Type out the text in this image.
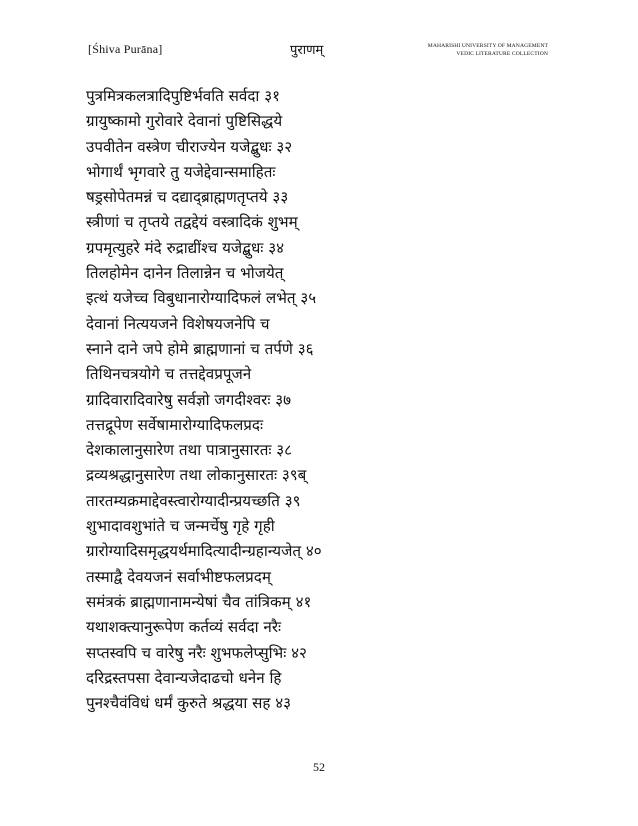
[Śhiva Purāna]	पुराणम्	MAHARISHI UNIVERSITY OF MANAGEMENT
VEDIC LITERATURE COLLECTION
पुत्रमित्रकलत्रादिपुष्टिर्भवति सर्वदा ३१
ग्रायुष्कामो गुरोवारे देवानां पुष्टिसिद्धये
उपवीतेन वस्त्रेण चीराज्येन यजेद्बुधः ३२
भोगार्थं भृगवारे तु यजेद्देवान्समाहितः
षड्रसोपेतमन्नं च दद्याद्ब्राह्मणतृप्तये ३३
स्त्रीणां च तृप्तये तद्वद्देयं वस्त्रादिकं शुभम्
ग्रपमृत्युहरे मंदे रुद्राद्यींश्च यजेद्बुधः ३४
तिलहोमेन दानेन तिलान्नेन च भोजयेत्
इत्थं यजेच्च विबुधानारोग्यादिफलं लभेत् ३५
देवानां नित्ययजने विशेषयजनेपि च
स्नाने दाने जपे होमे ब्राह्मणानां च तर्पणे ३६
तिथिनचत्रयोगे च तत्तद्देवप्रपूजने
ग्रादिवारादिवारेषु सर्वज्ञो जगदीश्वरः ३७
तत्तद्रूपेण सर्वेषामारोग्यादिफलप्रदः
देशकालानुसारेण तथा पात्रानुसारतः ३८
द्रव्यश्रद्धानुसारेण तथा लोकानुसारतः ३९ब्
तारतम्यक्रमाद्देवस्त्वारोग्यादीन्प्रयच्छति ३९
शुभादावशुभांते च जन्मर्चेषु गृहे गृही
ग्रारोग्यादिसमृद्धयर्थमादित्यादीन्ग्रहान्यजेत् ४०
तस्माद्वै देवयजनं सर्वाभीष्टफलप्रदम्
समंत्रकं ब्राह्मणानामन्येषां चैव तांत्रिकम् ४१
यथाशक्त्यानुरूपेण कर्तव्यं सर्वदा नरैः
सप्तस्वपि च वारेषु नरैः शुभफलेप्सुभिः ४२
दरिद्रस्तपसा देवान्यजेदाढचो धनेन हि
पुनश्चैवंविधं धर्मं कुरुते श्रद्धया सह ४३
52
